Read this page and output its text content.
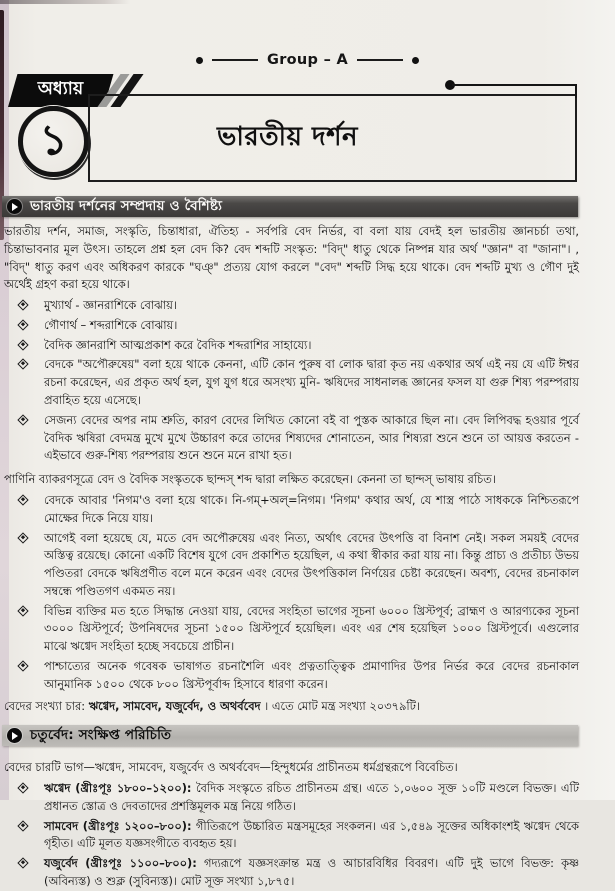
Group – A
অধ্যায়
১	ভারতীয় দর্শন
ভারতীয় দর্শনের সম্প্রদায় ও বৈশিষ্ট্য

ভারতীয় দর্শন, সমাজ, সংস্কৃতি, চিন্তাধারা, ঐতিহ্য - সর্বপরি বেদ নির্ভর, বা বলা যায় বেদই হল ভারতীয় জ্ঞানচর্চা তথা, চিন্তাভাবনার মূল উৎস। তাহলে প্রশ্ন হল বেদ কি? বেদ শব্দটি সংস্কৃত: "বিদ্" ধাতু থেকে নিষ্পন্ন যার অর্থ "জ্ঞান" বা "জানা"। , "বিদ্" ধাতু করণ এবং অধিকরণ কারকে "ঘঞ্" প্রত্যয় যোগ করলে "বেদ" শব্দটি সিদ্ধ হয়ে থাকে। বেদ শব্দটি মুখ্য ও গৌণ দুই অর্থেই গ্রহণ করা হয়ে থাকে।

মুখ্যার্থ - জ্ঞানরাশিকে বোঝায়।
গৌণার্থ – শব্দরাশিকে বোঝায়।
বৈদিক জ্ঞানরাশি আত্মপ্রকাশ করে বৈদিক শব্দরাশির সাহায্যে।
বেদকে "অপৌরুষেয়" বলা হয়ে থাকে কেননা, এটি কোন পুরুষ বা লোক দ্বারা কৃত নয় একথার অর্থ এই নয় যে এটি ঈশ্বর রচনা করেছেন, এর প্রকৃত অর্থ হল, যুগ যুগ ধরে অসংখ্য মুনি- ঋষিদের সাধনালব্ধ জ্ঞানের ফসল যা গুরু শিষ্য পরম্পরায় প্রবাহিত হয়ে এসেছে।
সেজন্য বেদের অপর নাম শ্রুতি, কারণ বেদের লিখিত কোনো বই বা পুস্তক আকারে ছিল না। বেদ লিপিবদ্ধ হওয়ার পূর্বে বৈদিক ঋষিরা বেদমন্ত্র মুখে মুখে উচ্চারণ করে তাদের শিষ্যদের শোনাতেন, আর শিষ্যরা শুনে শুনে তা আয়ত্ত করতেন - এইভাবে গুরু-শিষ্য পরম্পরায় শুনে শুনে মনে রাখা হত।

পাণিনি ব্যাকরণসূত্রে বেদ ও বৈদিক সংস্কৃতকে ছান্দস্ শব্দ দ্বারা লক্ষিত করেছেন। কেননা তা ছান্দস্ ভাষায় রচিত।

বেদকে আবার 'নিগম'ও বলা হয়ে থাকে। নি-গম্+অল্=নিগম। 'নিগম' কথার অর্থ, যে শাস্ত্র পাঠে সাধককে নিশ্চিতরূপে মোক্ষের দিকে নিয়ে যায়।
আগেই বলা হয়েছে যে, মতে বেদ অপৌরুষেয় এবং নিত্য, অর্থাৎ বেদের উৎপত্তি বা বিনাশ নেই। সকল সময়ই বেদের অস্তিত্ব রয়েছে। কোনো একটি বিশেষ যুগে বেদ প্রকাশিত হয়েছিল, এ কথা স্বীকার করা যায় না। কিন্তু প্রাচ্য ও প্রতীচ্য উভয় পণ্ডিতরা বেদকে ঋষিপ্রণীত বলে মনে করেন এবং বেদের উৎপত্তিকাল নির্ণয়ের চেষ্টা করেছেন। অবশ্য, বেদের রচনাকাল সম্বন্ধে পণ্ডিতগণ একমত নয়।
বিভিন্ন ব্যক্তির মত হতে সিদ্ধান্ত নেওয়া যায়, বেদের সংহিতা ভাগের সূচনা ৬০০০ খ্রিস্টপূর্ব; ব্রাহ্মণ ও আরণ্যকের সূচনা ৩০০০ খ্রিস্টপূর্বে; উপনিষদের সূচনা ১৫০০ খ্রিস্টপূর্বে হয়েছিল। এবং এর শেষ হয়েছিল ১০০০ খ্রিস্টপূর্বে। এগুলোর মাঝে ঋগ্বেদ সংহিতা হচ্ছে সবচেয়ে প্রাচীন।
পাশ্চাত্যের অনেক গবেষক ভাষাগত রচনাশৈলি এবং প্রত্নতাত্ত্বিক প্রমাণাদির উপর নির্ভর করে বেদের রচনাকাল আনুমানিক ১৫০০ থেকে ৮০০ খ্রিস্টপূর্বাব্দ হিসাবে ধারণা করেন।

বেদের সংখ্যা চার: ঋগ্বেদ, সামবেদ, যজুর্বেদ, ও অথর্ববেদ । এতে মোট মন্ত্র সংখ্যা ২০৩৭৯টি।

চতুর্বেদ: সংক্ষিপ্ত পরিচিতি

বেদের চারটি ভাগ—ঋগ্বেদ, সামবেদ, যজুর্বেদ ও অথর্ববেদ—হিন্দুধর্মের প্রাচীনতম ধর্মগ্রন্থরূপে বিবেচিত।

ঋগ্বেদ (খ্রীঃপূঃ ১৮০০–১২০০): বৈদিক সংস্কৃতে রচিত প্রাচীনতম গ্রন্থ। এতে ১,০৬০০ সূক্ত ১০টি মণ্ডলে বিভক্ত। এটি প্রধানত স্তোত্র ও দেবতাদের প্রশস্তিমূলক মন্ত্র নিয়ে গঠিত।
সামবেদ (খ্রীঃপূঃ ১২০০–৮০০): গীতিরূপে উচ্চারিত মন্ত্রসমূহের সংকলন। এর ১,৫৪৯ সূক্তের অধিকাংশই ঋগ্বেদ থেকে গৃহীত। এটি মূলত যজ্ঞসংগীতে ব্যবহৃত হয়।
যজুর্বেদ (খ্রীঃপূঃ ১১০০–৮০০): গদ্যরূপে যজ্ঞসংক্রান্ত মন্ত্র ও আচারবিধির বিবরণ। এটি দুই ভাগে বিভক্ত: কৃষ্ণ (অবিন্যস্ত) ও শুক্ল (সুবিন্যস্ত)। মোট সূক্ত সংখ্যা ১,৮৭৫।
